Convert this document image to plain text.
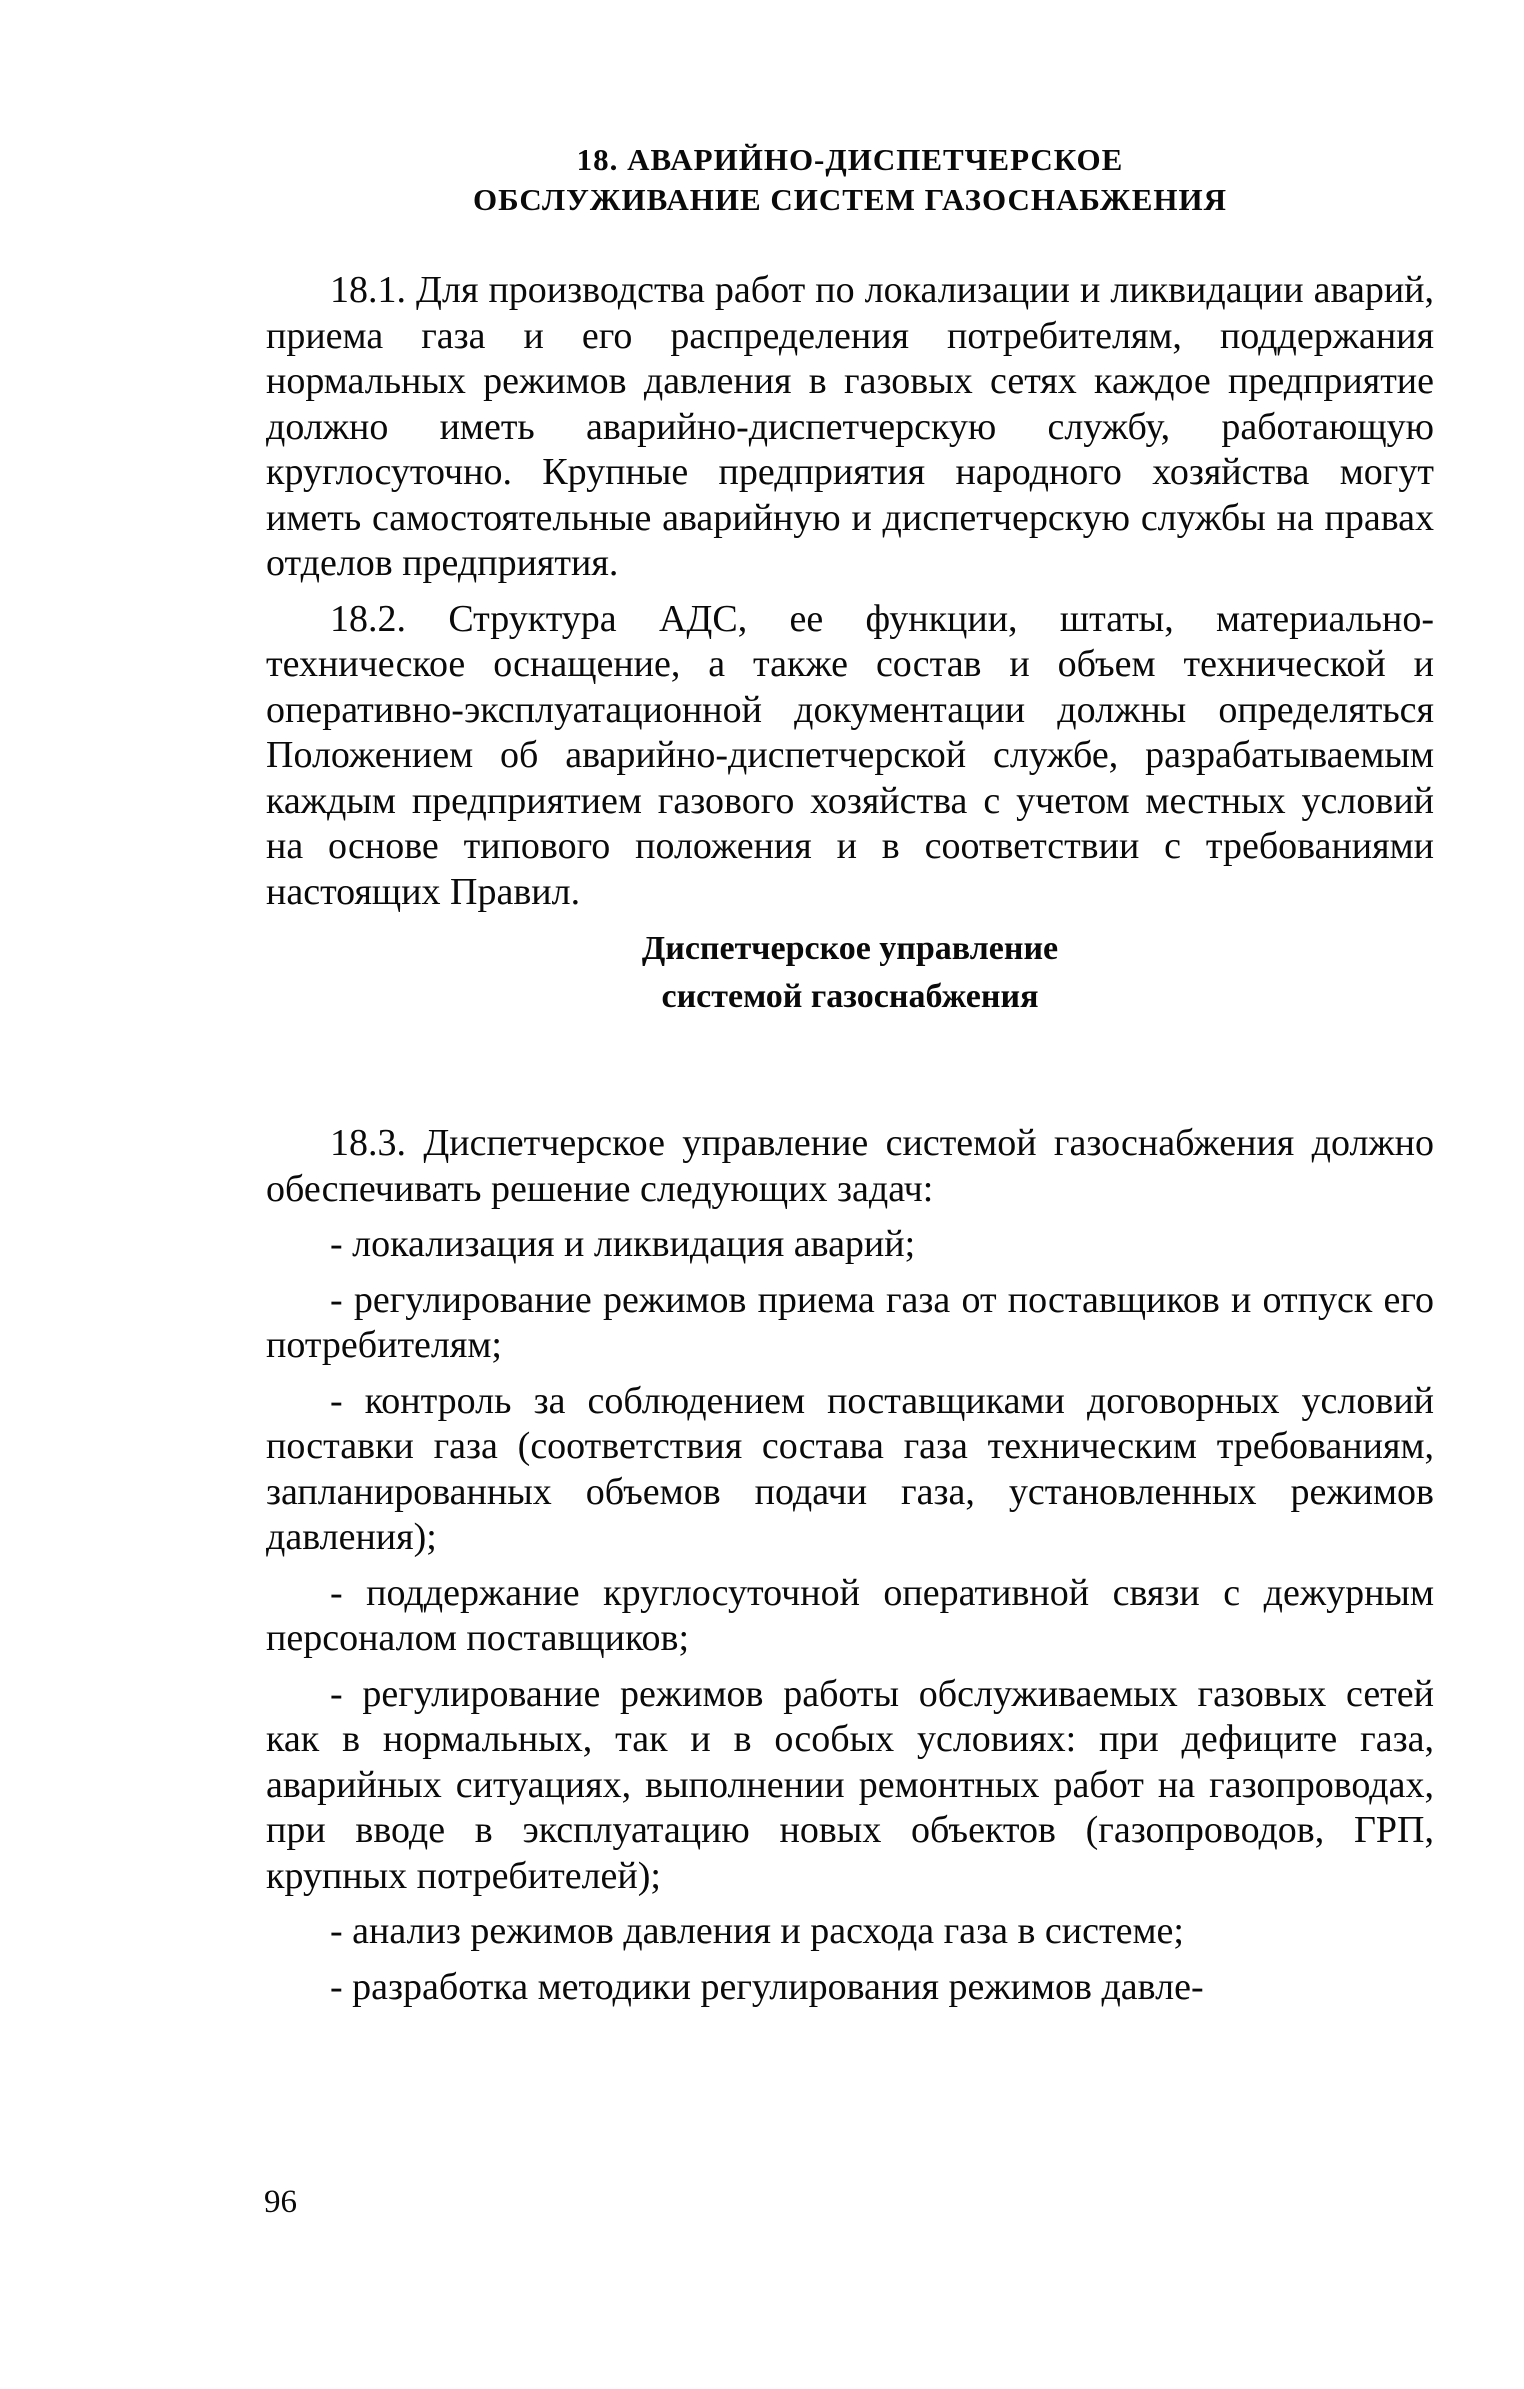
18. АВАРИЙНО-ДИСПЕТЧЕРСКОЕ
ОБСЛУЖИВАНИЕ СИСТЕМ ГАЗОСНАБЖЕНИЯ

18.1. Для производства работ по локализации и ликвидации аварий, приема газа и его распределения потребителям, поддержания нормальных режимов давления в газовых сетях каждое предприятие должно иметь аварийно-диспетчерскую службу, работающую круглосуточно. Крупные предприятия народного хозяйства могут иметь самостоятельные аварийную и диспетчерскую службы на правах отделов предприятия.

18.2. Структура АДС, ее функции, штаты, материально-техническое оснащение, а также состав и объем технической и оперативно-эксплуатационной документации должны определяться Положением об аварийно-диспетчерской службе, разрабатываемым каждым предприятием газового хозяйства с учетом местных условий на основе типового положения и в соответствии с требованиями настоящих Правил.

Диспетчерское управление
системой газоснабжения

18.3. Диспетчерское управление системой газоснабжения должно обеспечивать решение следующих задач:

- локализация и ликвидация аварий;
- регулирование режимов приема газа от поставщиков и отпуск его потребителям;
- контроль за соблюдением поставщиками договорных условий поставки газа (соответствия состава газа техническим требованиям, запланированных объемов подачи газа, установленных режимов давления);
- поддержание круглосуточной оперативной связи с дежурным персоналом поставщиков;
- регулирование режимов работы обслуживаемых газовых сетей как в нормальных, так и в особых условиях: при дефиците газа, аварийных ситуациях, выполнении ремонтных работ на газопроводах, при вводе в эксплуатацию новых объектов (газопроводов, ГРП, крупных потребителей);
- анализ режимов давления и расхода газа в системе;
- разработка методики регулирования режимов давле-
96
